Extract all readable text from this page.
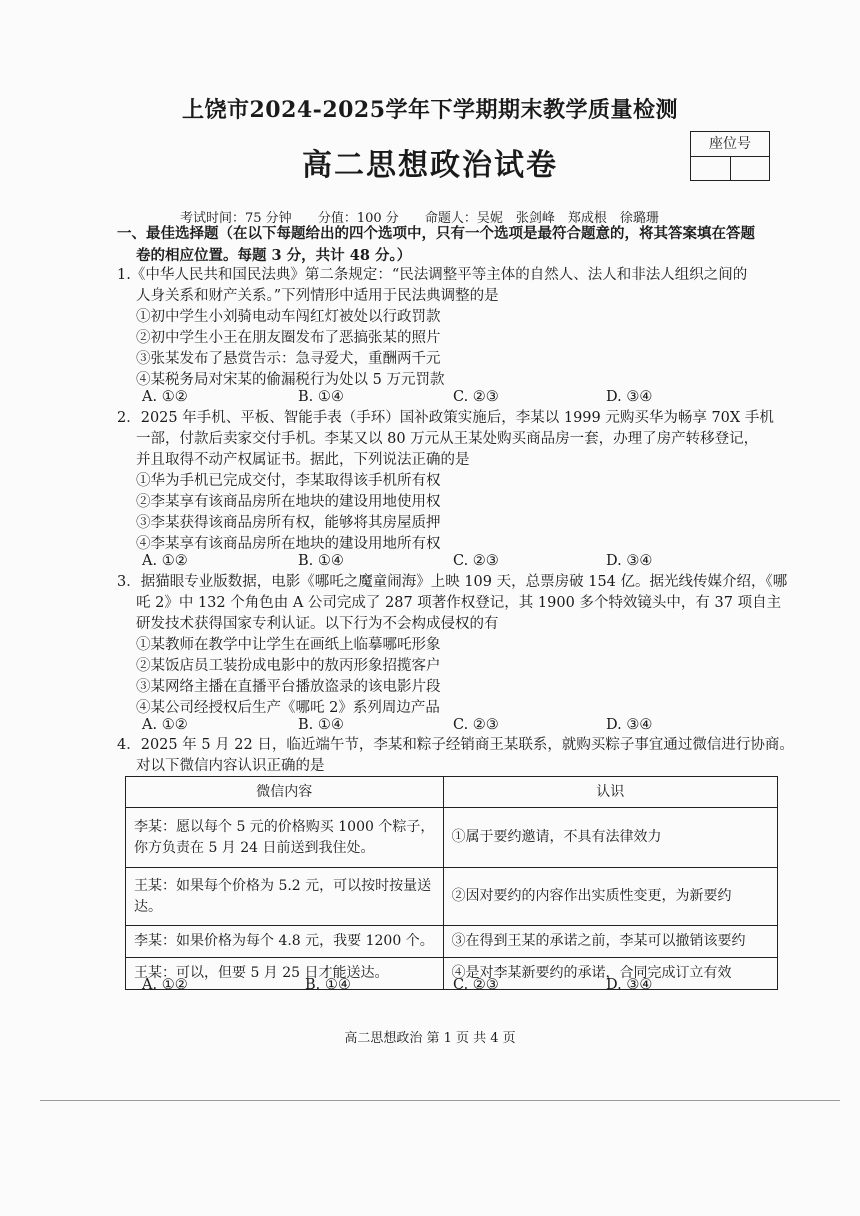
上饶市2024-2025学年下学期期末教学质量检测
高二思想政治试卷
座位号
考试时间：75 分钟 分值：100 分 命题人：吴妮　张剑峰　郑成根　徐璐珊
一、最佳选择题（在以下每题给出的四个选项中，只有一个选项是最符合题意的，将其答案填在答题
卷的相应位置。每题 3 分，共计 48 分。）
1.《中华人民共和国民法典》第二条规定：“民法调整平等主体的自然人、法人和非法人组织之间的
人身关系和财产关系。”下列情形中适用于民法典调整的是
①初中学生小刘骑电动车闯红灯被处以行政罚款
②初中学生小王在朋友圈发布了恶搞张某的照片
③张某发布了悬赏告示：急寻爱犬，重酬两千元
④某税务局对宋某的偷漏税行为处以 5 万元罚款
A. ①②	B. ①④	C. ②③	D. ③④
2．2025 年手机、平板、智能手表（手环）国补政策实施后，李某以 1999 元购买华为畅享 70X 手机
一部，付款后卖家交付手机。李某又以 80 万元从王某处购买商品房一套，办理了房产转移登记，
并且取得不动产权属证书。据此，下列说法正确的是
①华为手机已完成交付，李某取得该手机所有权
②李某享有该商品房所在地块的建设用地使用权
③李某获得该商品房所有权，能够将其房屋质押
④李某享有该商品房所在地块的建设用地所有权
A. ①②	B. ①④	C. ②③	D. ③④
3．据猫眼专业版数据，电影《哪吒之魔童闹海》上映 109 天，总票房破 154 亿。据光线传媒介绍，《哪
吒 2》中 132 个角色由 A 公司完成了 287 项著作权登记，其 1900 多个特效镜头中，有 37 项自主
研发技术获得国家专利认证。以下行为不会构成侵权的有
①某教师在教学中让学生在画纸上临摹哪吒形象
②某饭店员工装扮成电影中的敖丙形象招揽客户
③某网络主播在直播平台播放盗录的该电影片段
④某公司经授权后生产《哪吒 2》系列周边产品
A. ①②	B. ①④	C. ②③	D. ③④
4．2025 年 5 月 22 日，临近端午节，李某和粽子经销商王某联系，就购买粽子事宜通过微信进行协商。
对以下微信内容认识正确的是
微信内容	认识
李某：愿以每个 5 元的价格购买 1000 个粽子，你方负责在 5 月 24 日前送到我住处。	①属于要约邀请，不具有法律效力
王某：如果每个价格为 5.2 元，可以按时按量送达。	②因对要约的内容作出实质性变更，为新要约
李某：如果价格为每个 4.8 元，我要 1200 个。	③在得到王某的承诺之前，李某可以撤销该要约
王某：可以，但要 5 月 25 日才能送达。	④是对李某新要约的承诺，合同完成订立有效
A. ①②	B. ①④	C. ②③	D. ③④
高二思想政治 第 1 页 共 4 页
